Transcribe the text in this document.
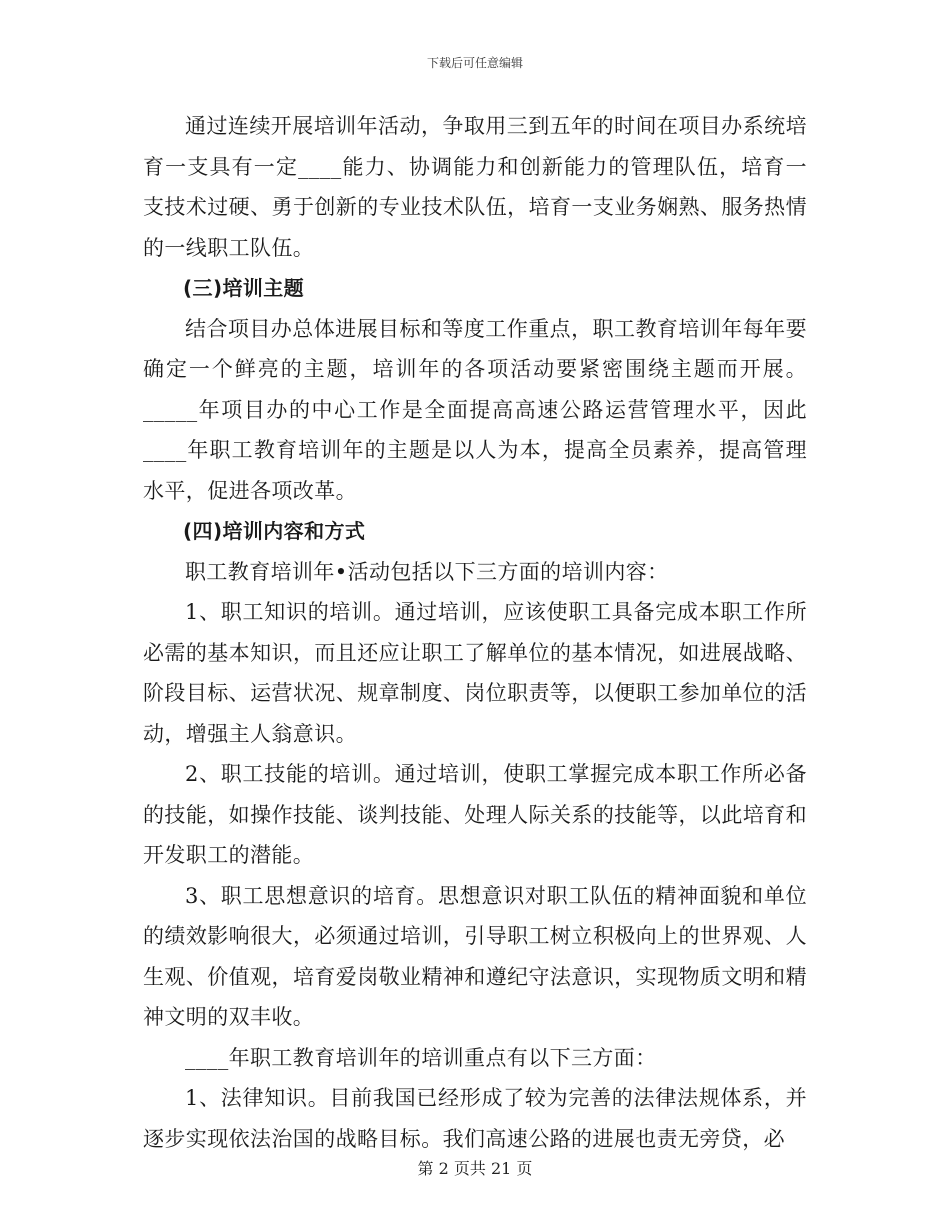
下载后可任意编辑

通过连续开展培训年活动，争取用三到五年的时间在项目办系统培育一支具有一定____能力、协调能力和创新能力的管理队伍，培育一支技术过硬、勇于创新的专业技术队伍，培育一支业务娴熟、服务热情的一线职工队伍。

(三)培训主题

结合项目办总体进展目标和等度工作重点，职工教育培训年每年要确定一个鲜亮的主题，培训年的各项活动要紧密围绕主题而开展。_____年项目办的中心工作是全面提高高速公路运营管理水平，因此____年职工教育培训年的主题是以人为本，提高全员素养，提高管理水平，促进各项改革。

(四)培训内容和方式

职工教育培训年•活动包括以下三方面的培训内容：

1、职工知识的培训。通过培训，应该使职工具备完成本职工作所必需的基本知识，而且还应让职工了解单位的基本情况，如进展战略、阶段目标、运营状况、规章制度、岗位职责等，以便职工参加单位的活动，增强主人翁意识。

2、职工技能的培训。通过培训，使职工掌握完成本职工作所必备的技能，如操作技能、谈判技能、处理人际关系的技能等，以此培育和开发职工的潜能。

3、职工思想意识的培育。思想意识对职工队伍的精神面貌和单位的绩效影响很大，必须通过培训，引导职工树立积极向上的世界观、人生观、价值观，培育爱岗敬业精神和遵纪守法意识，实现物质文明和精神文明的双丰收。

____年职工教育培训年的培训重点有以下三方面：

1、法律知识。目前我国已经形成了较为完善的法律法规体系，并逐步实现依法治国的战略目标。我们高速公路的进展也责无旁贷，必

第 2 页共 21 页
